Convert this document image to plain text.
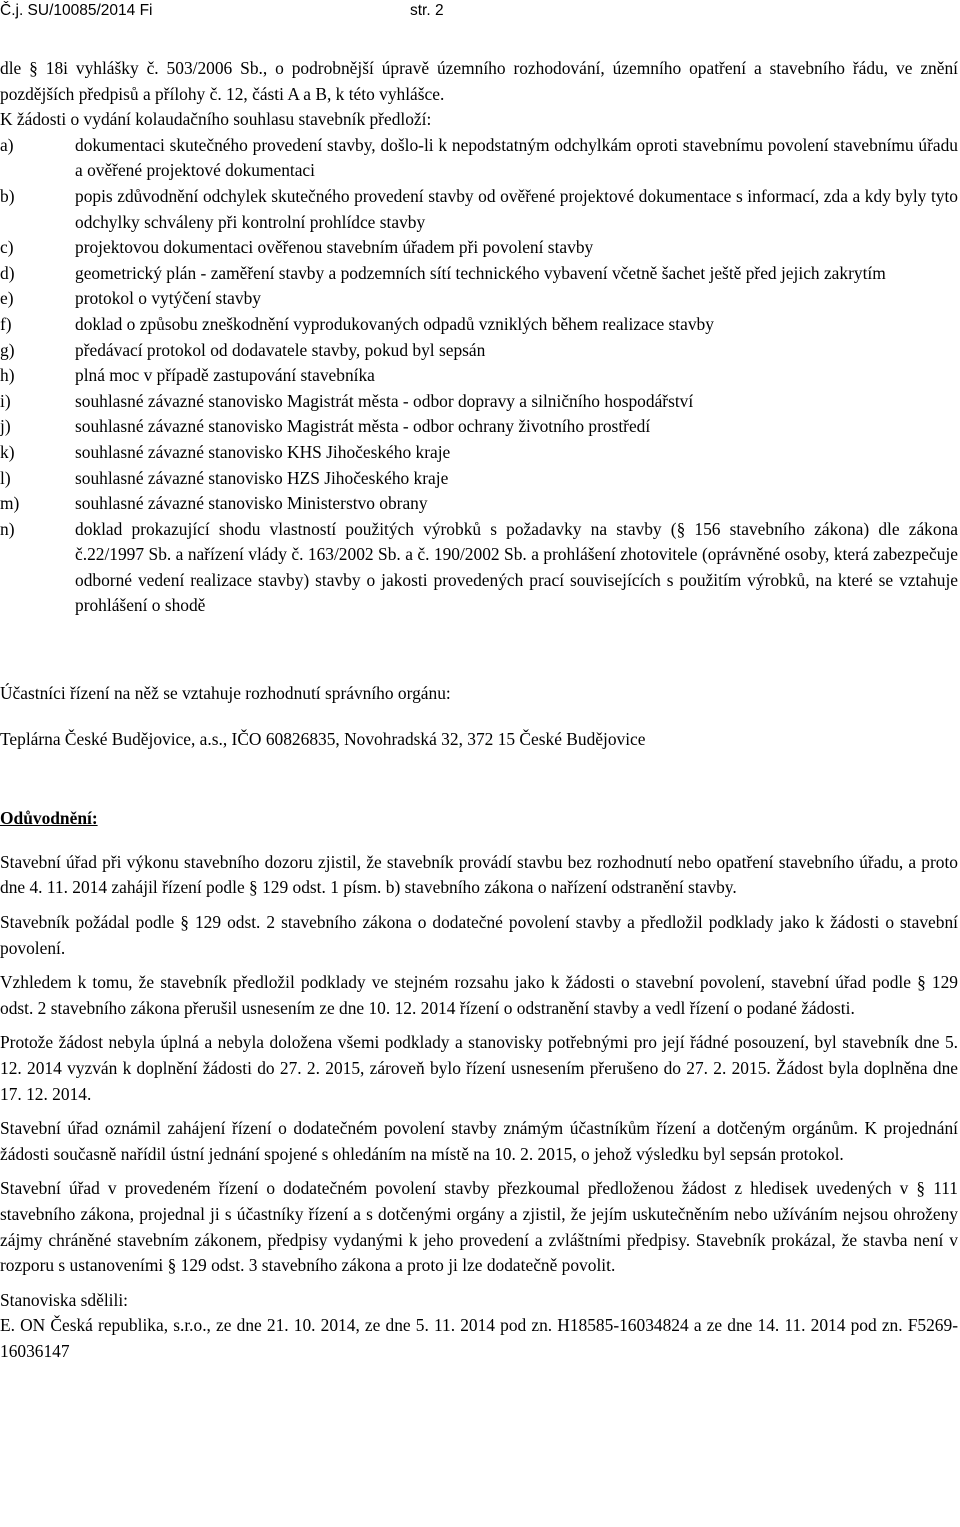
Č.j. SU/10085/2014 Fi	str. 2

dle § 18i vyhlášky č. 503/2006 Sb., o podrobnější úpravě územního rozhodování, územního opatření a stavebního řádu, ve znění pozdějších předpisů a přílohy č. 12, části A a B, k této vyhlášce.

K žádosti o vydání kolaudačního souhlasu stavebník předloží:

a)	dokumentaci skutečného provedení stavby, došlo-li k nepodstatným odchylkám oproti stavebnímu povolení stavebnímu úřadu a ověřené projektové dokumentaci
b)	popis zdůvodnění odchylek skutečného provedení stavby od ověřené projektové dokumentace s informací, zda a kdy byly tyto odchylky schváleny při kontrolní prohlídce stavby
c)	projektovou dokumentaci ověřenou stavebním úřadem při povolení stavby
d)	geometrický plán - zaměření stavby a podzemních sítí technického vybavení včetně šachet ještě před jejich zakrytím
e)	protokol o vytýčení stavby
f)	doklad o způsobu zneškodnění vyprodukovaných odpadů vzniklých během realizace stavby
g)	předávací protokol od dodavatele stavby, pokud byl sepsán
h)	plná moc v případě zastupování stavebníka
i)	souhlasné závazné stanovisko Magistrát města - odbor dopravy a silničního hospodářství
j)	souhlasné závazné stanovisko Magistrát města - odbor ochrany životního prostředí
k)	souhlasné závazné stanovisko KHS Jihočeského kraje
l)	souhlasné závazné stanovisko HZS Jihočeského kraje
m)	souhlasné závazné stanovisko Ministerstvo obrany
n)	doklad prokazující shodu vlastností použitých výrobků s požadavky na stavby (§ 156 stavebního zákona) dle zákona č.22/1997 Sb. a nařízení vlády č. 163/2002 Sb. a č. 190/2002 Sb. a prohlášení zhotovitele (oprávněné osoby, která zabezpečuje odborné vedení realizace stavby) stavby o jakosti provedených prací souvisejících s použitím výrobků, na které se vztahuje prohlášení o shodě

Účastníci řízení na něž se vztahuje rozhodnutí správního orgánu:

Teplárna České Budějovice, a.s., IČO 60826835, Novohradská 32, 372 15 České Budějovice

Odůvodnění:

Stavební úřad při výkonu stavebního dozoru zjistil, že stavebník provádí stavbu bez rozhodnutí nebo opatření stavebního úřadu, a proto dne 4. 11. 2014 zahájil řízení podle § 129 odst. 1 písm. b) stavebního zákona o nařízení odstranění stavby.

Stavebník požádal podle § 129 odst. 2 stavebního zákona o dodatečné povolení stavby a předložil podklady jako k žádosti o stavební povolení.

Vzhledem k tomu, že stavebník předložil podklady ve stejném rozsahu jako k žádosti o stavební povolení, stavební úřad podle § 129 odst. 2 stavebního zákona přerušil usnesením ze dne 10. 12. 2014 řízení o odstranění stavby a vedl řízení o podané žádosti.

Protože žádost nebyla úplná a nebyla doložena všemi podklady a stanovisky potřebnými pro její řádné posouzení, byl stavebník dne 5. 12. 2014 vyzván k doplnění žádosti do 27. 2. 2015, zároveň bylo řízení usnesením přerušeno do 27. 2. 2015. Žádost byla doplněna dne 17. 12. 2014.

Stavební úřad oznámil zahájení řízení o dodatečném povolení stavby známým účastníkům řízení a dotčeným orgánům. K projednání žádosti současně nařídil ústní jednání spojené s ohledáním na místě na 10. 2. 2015, o jehož výsledku byl sepsán protokol.

Stavební úřad v provedeném řízení o dodatečném povolení stavby přezkoumal předloženou žádost z hledisek uvedených v § 111 stavebního zákona, projednal ji s účastníky řízení a s dotčenými orgány a zjistil, že jejím uskutečněním nebo užíváním nejsou ohroženy zájmy chráněné stavebním zákonem, předpisy vydanými k jeho provedení a zvláštními předpisy. Stavebník prokázal, že stavba není v rozporu s ustanoveními § 129 odst. 3 stavebního zákona a proto ji lze dodatečně povolit.

Stanoviska sdělili:

E. ON Česká republika, s.r.o., ze dne 21. 10. 2014, ze dne 5. 11. 2014 pod zn. H18585-16034824 a ze dne 14. 11. 2014 pod zn. F5269-16036147
